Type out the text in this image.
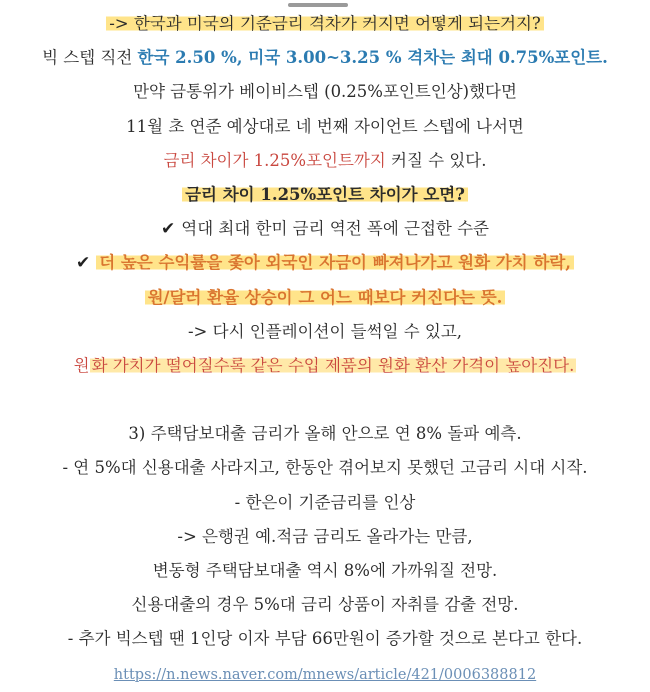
-> 한국과 미국의 기준금리 격차가 커지면 어떻게 되는거지?
빅 스텝 직전 한국 2.50 %, 미국 3.00~3.25 % 격차는 최대 0.75%포인트.
만약 금통위가 베이비스텝 (0.25%포인트인상)했다면
11월 초 연준 예상대로 네 번째 자이언트 스텝에 나서면
금리 차이가 1.25%포인트까지 커질 수 있다.
금리 차이 1.25%포인트 차이가 오면?
✔ 역대 최대 한미 금리 역전 폭에 근접한 수준
✔ 더 높은 수익률을 좇아 외국인 자금이 빠져나가고 원화 가치 하락,
원/달러 환율 상승이 그 어느 때보다 커진다는 뜻.
-> 다시 인플레이션이 들썩일 수 있고,
원 화 가치가 떨어질수록 같은 수입 제품의 원화 환산 가격이 높아진다.
3) 주택담보대출 금리가 올해 안으로 연 8% 돌파 예측.
- 연 5%대 신용대출 사라지고, 한동안 겪어보지 못했던 고금리 시대 시작.
- 한은이 기준금리를 인상
-> 은행권 예.적금 금리도 올라가는 만큼,
변동형 주택담보대출 역시 8%에 가까워질 전망.
신용대출의 경우 5%대 금리 상품이 자취를 감출 전망.
- 추가 빅스텝 땐 1인당 이자 부담 66만원이 증가할 것으로 본다고 한다.
https://n.news.naver.com/mnews/article/421/0006388812
